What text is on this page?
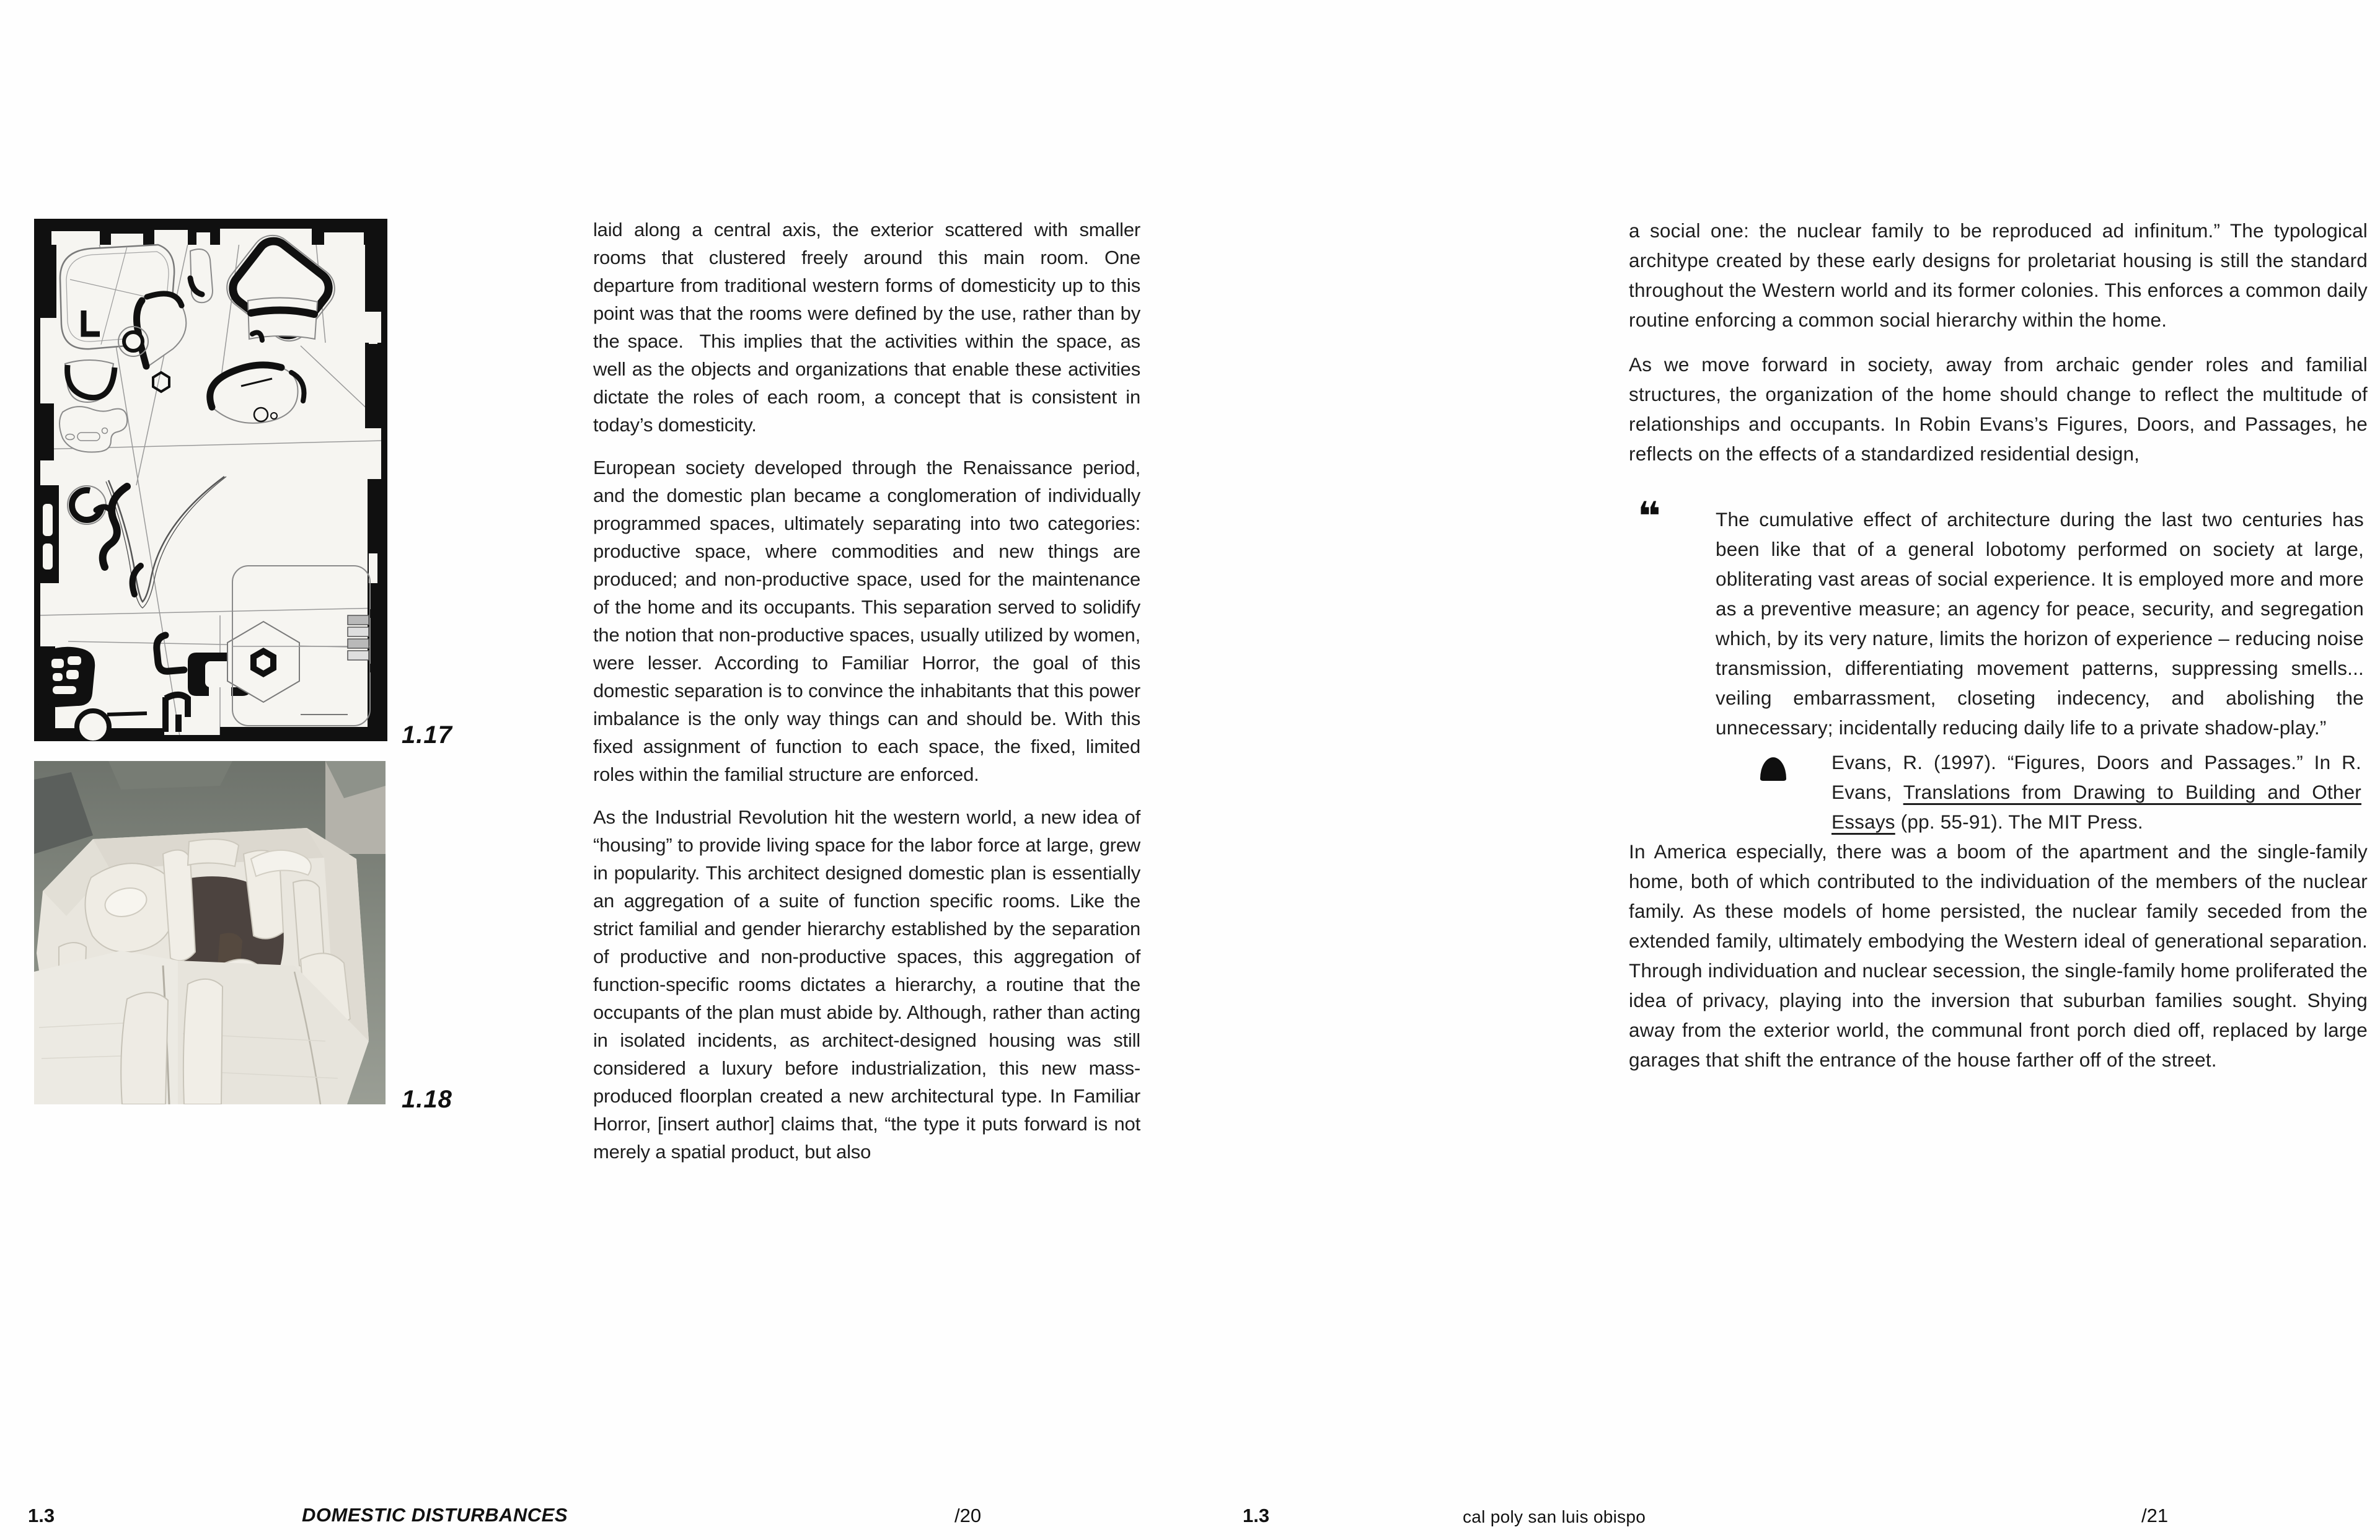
1.17
1.18

laid along a central axis, the exterior scattered with smaller rooms that clustered freely around this main room. One departure from traditional western forms of domesticity up to this point was that the rooms were defined by the use, rather than by the space.  This implies that the activities within the space, as well as the objects and organizations that enable these activities dictate the roles of each room, a concept that is consistent in today’s domesticity.

European society developed through the Renaissance period, and the domestic plan became a conglomeration of individually programmed spaces, ultimately separating into two categories: productive space, where commodities and new things are produced; and non-productive space, used for the maintenance of the home and its occupants. This separation served to solidify the notion that non-productive spaces, usually utilized by women, were lesser. According to Familiar Horror, the goal of this domestic separation is to convince the inhabitants that this power imbalance is the only way things can and should be. With this fixed assignment of function to each space, the fixed, limited roles within the familial structure are enforced.

As the Industrial Revolution hit the western world, a new idea of “housing” to provide living space for the labor force at large, grew in popularity. This architect designed domestic plan is essentially an aggregation of a suite of function specific rooms. Like the strict familial and gender hierarchy established by the separation of productive and non-productive spaces, this aggregation of function-specific rooms dictates a hierarchy, a routine that the occupants of the plan must abide by. Although, rather than acting in isolated incidents, as architect-designed housing was still considered a luxury before industrialization, this new mass-produced floorplan created a new architectural type. In Familiar Horror, [insert author] claims that, “the type it puts forward is not merely a spatial product, but also

a social one: the nuclear family to be reproduced ad infinitum.” The typological architype created by these early designs for proletariat housing is still the standard throughout the Western world and its former colonies. This enforces a common daily routine enforcing a common social hierarchy within the home.

As we move forward in society, away from archaic gender roles and familial structures, the organization of the home should change to reflect the multitude of relationships and occupants. In Robin Evans’s Figures, Doors, and Passages, he reflects on the effects of a standardized residential design,

❝	The cumulative effect of architecture during the last two centuries has been like that of a general lobotomy performed on society at large, obliterating vast areas of social experience. It is employed more and more as a preventive measure; an agency for peace, security, and segregation which, by its very nature, limits the horizon of experience – reducing noise transmission, differentiating movement patterns, suppressing smells... veiling embarrassment, closeting indecency, and abolishing the unnecessary; incidentally reducing daily life to a private shadow-play.”

Evans, R. (1997). “Figures, Doors and Passages.” In R. Evans, Translations from Drawing to Building and Other Essays (pp. 55-91). The MIT Press.

In America especially, there was a boom of the apartment and the single-family home, both of which contributed to the individuation of the members of the nuclear family. As these models of home persisted, the nuclear family seceded from the extended family, ultimately embodying the Western ideal of generational separation. Through individuation and nuclear secession, the single-family home proliferated the idea of privacy, playing into the inversion that suburban families sought. Shying away from the exterior world, the communal front porch died off, replaced by large garages that shift the entrance of the house farther off of the street.

1.3	DOMESTIC DISTURBANCES	/20	1.3	cal poly san luis obispo	/21
